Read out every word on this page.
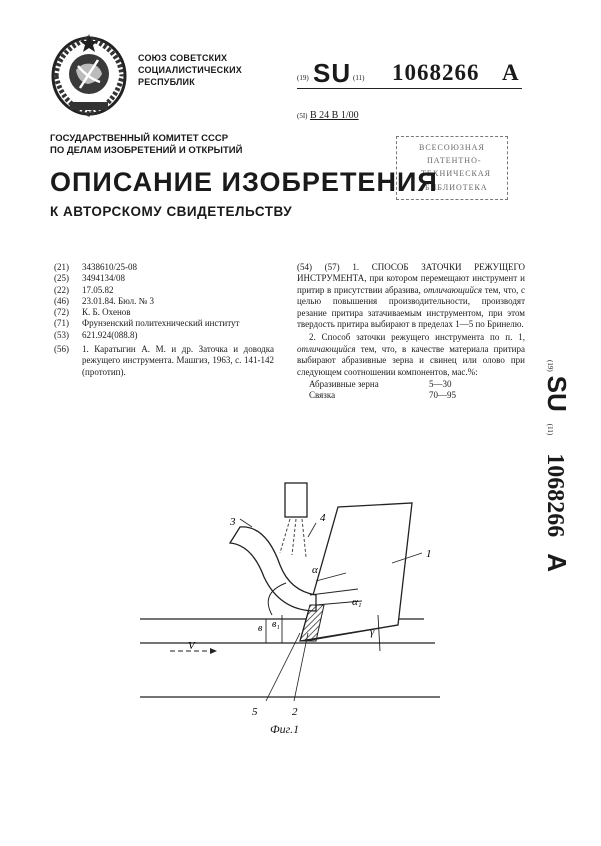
СОЮЗ СОВЕТСКИХ
СОЦИАЛИСТИЧЕСКИХ
РЕСПУБЛИК	(19) SU (11) 1068266 A
(5I) В 24 В 1/00
ГОСУДАРСТВЕННЫЙ КОМИТЕТ СССР
ПО ДЕЛАМ ИЗОБРЕТЕНИЙ И ОТКРЫТИЙ	ВСЕСОЮЗНАЯ
ПАТЕНТНО-
ТЕХНИЧЕСКАЯ
БИБЛИОТЕКА
ОПИСАНИЕ ИЗОБРЕТЕНИЯ
К АВТОРСКОМУ СВИДЕТЕЛЬСТВУ
(21)	3438610/25-08
(25)	3494134/08
(22)	17.05.82
(46)	23.01.84. Бюл. № 3
(72)	К. Б. Охенов
(71)	Фрунзенский политехнический институт
(53)	621.924(088.8)
(56)	1. Каратыгин А. М. и др. Заточка и доводка режущего инструмента. Машгиз, 1963, с. 141-142 (прототип).

(54) (57) 1. СПОСОБ ЗАТОЧКИ РЕЖУЩЕГО ИНСТРУМЕНТА, при котором перемещают инструмент и притир в присутствии абразива, отличающийся тем, что, с целью повышения производительности, производят резание притира затачиваемым инструментом, при этом твердость притира выбирают в пределах 1—5 по Бринелю.

2. Способ заточки режущего инструмента по п. 1, отличающийся тем, что, в качестве материала притира выбирают абразивные зерна и свинец или олово при следующем соотношении компонентов, мас.%:

Абразивные зерна	5—30
Связка	70—95
(19) SU (11) 1068266 A
3	4
1
α
α₁
в в₁
γ
V
5	2
Фиг.1
